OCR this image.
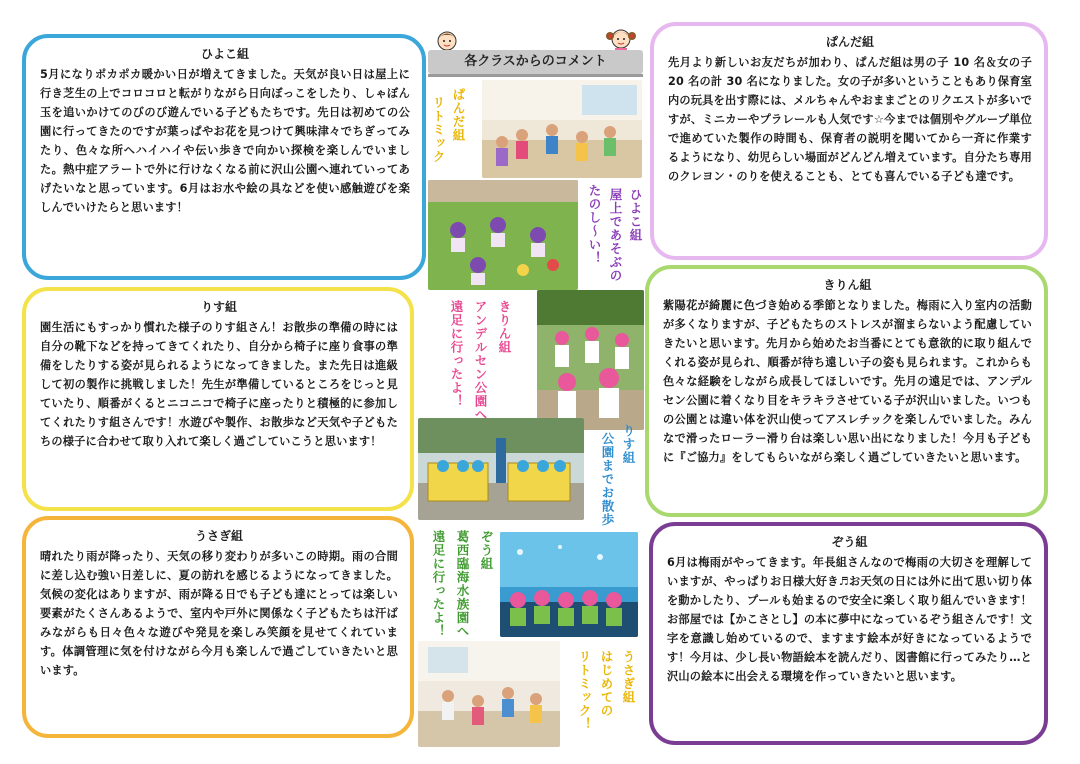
ひよこ組

5月になりポカポカ暖かい日が増えてきました。天気が良い日は屋上に行き芝生の上でコロコロと転がりながら日向ぼっこをしたり、しゃぼん玉を追いかけてのびのび遊んでいる子どもたちです。先日は初めての公園に行ってきたのですが葉っぱやお花を見つけて興味津々でちぎってみたり、色々な所へハイハイや伝い歩きで向かい探検を楽しんでいました。熱中症アラートで外に行けなくなる前に沢山公園へ連れていってあげたいなと思っています。6月はお水や絵の具などを使い感触遊びを楽しんでいけたらと思います！

りす組

園生活にもすっかり慣れた様子のりす組さん！お散歩の準備の時には自分の靴下などを持ってきてくれたり、自分から椅子に座り食事の準備をしたりする姿が見られるようになってきました。また先日は進級して初の製作に挑戦しました！先生が準備しているところをじっと見ていたり、順番がくるとニコニコで椅子に座ったりと積極的に参加してくれたりす組さんです！水遊びや製作、お散歩など天気や子どもたちの様子に合わせて取り入れて楽しく過ごしていこうと思います！

うさぎ組

晴れたり雨が降ったり、天気の移り変わりが多いこの時期。雨の合間に差し込む強い日差しに、夏の訪れを感じるようになってきました。気候の変化はありますが、雨が降る日でも子ども達にとっては楽しい要素がたくさんあるようで、室内や戸外に関係なく子どもたちは汗ばみながらも日々色々な遊びや発見を楽しみ笑顔を見せてくれています。体調管理に気を付けながら今月も楽しんで過ごしていきたいと思います。

ぱんだ組

先月より新しいお友だちが加わり、ぱんだ組は男の子 10 名＆女の子 20 名の計 30 名になりました。女の子が多いということもあり保育室内の玩具を出す際には、メルちゃんやおままごとのリクエストが多いですが、ミニカーやプラレールも人気です☆今までは個別やグループ単位で進めていた製作の時間も、保育者の説明を聞いてから一斉に作業するようになり、幼児らしい場面がどんどん増えています。自分たち専用のクレヨン・のりを使えることも、とても喜んでいる子ども達です。

きりん組

紫陽花が綺麗に色づき始める季節となりました。梅雨に入り室内の活動が多くなりますが、子どもたちのストレスが溜まらないよう配慮していきたいと思います。先月から始めたお当番にとても意欲的に取り組んでくれる姿が見られ、順番が待ち遠しい子の姿も見られます。これからも色々な経験をしながら成長してほしいです。先月の遠足では、アンデルセン公園に着くなり目をキラキラさせている子が沢山いました。いつもの公園とは違い体を沢山使ってアスレチックを楽しんでいました。みんなで滑ったローラー滑り台は楽しい思い出になりました！今月も子どもに『ご協力』をしてもらいながら楽しく過ごしていきたいと思います。

ぞう組

6月は梅雨がやってきます。年長組さんなので梅雨の大切さを理解していますが、やっぱりお日様大好き♬お天気の日には外に出て思い切り体を動かしたり、プールも始まるので安全に楽しく取り組んでいきます！お部屋では【かこさとし】の本に夢中になっているぞう組さんです！文字を意識し始めているので、ますます絵本が好きになっているようです！今月は、少し長い物語絵本を読んだり、図書館に行ってみたり…と沢山の絵本に出会える環境を作っていきたいと思います。

各クラスからのコメント
ぱんだ組
リトミック
ひよこ組
屋上であそぶの
たのし～い！
きりん組
アンデルセン公園へ
遠足に行ったよ！
りす組
公園までお散歩
ぞう組
葛西臨海水族園へ
遠足に行ったよ！
うさぎ組
はじめての
リトミック！
